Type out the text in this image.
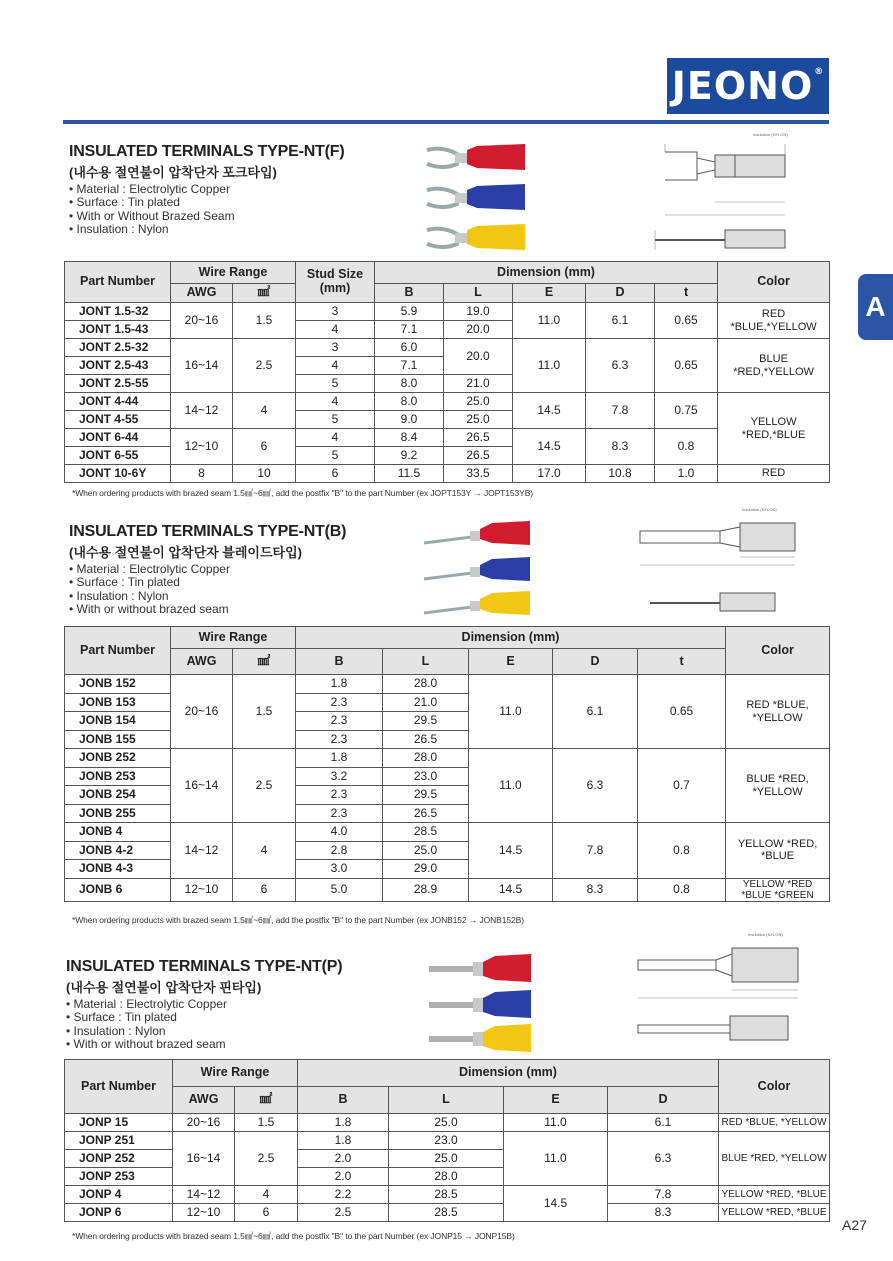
JEONO®
A
A27
INSULATED TERMINALS TYPE-NT(F)
(내수용 절연불이 압착단자 포크타입)
• Material : Electrolytic Copper
• Surface : Tin plated
• With or Without Brazed Seam
• Insulation : Nylon
Insulation (NYLON)
Part Number	Wire Range		Stud Size (mm)	Dimension (mm)					Color
	AWG	㎟		B	L	E	D	t	
JONT 1.5-32	20~16	1.5	3	5.9	19.0	11.0	6.1	0.65	RED *BLUE,*YELLOW
JONT 1.5-43			4	7.1	20.0				
JONT 2.5-32	16~14	2.5	3	6.0	20.0	11.0	6.3	0.65	BLUE *RED,*YELLOW
JONT 2.5-43			4	7.1					
JONT 2.5-55			5	8.0	21.0				
JONT 4-44	14~12	4	4	8.0	25.0	14.5	7.8	0.75	YELLOW *RED,*BLUE
JONT 4-55			5	9.0	25.0				
JONT 6-44	12~10	6	4	8.4	26.5	14.5	8.3	0.8	
JONT 6-55			5	9.2	26.5				
JONT 10-6Y	8	10	6	11.5	33.5	17.0	10.8	1.0	RED
*When ordering products with brazed seam 1.5㎟~6㎟, add the postfix "B" to the part Number (ex JOPT153Y → JOPT153YB)
INSULATED TERMINALS TYPE-NT(B)
(내수용 절연불이 압착단자 블레이드타입)
• Material : Electrolytic Copper
• Surface : Tin plated
• Insulation : Nylon
• With or without brazed seam
Insulation (NYLON)
Part Number	Wire Range		Dimension (mm)					Color
	AWG	㎟	B	L	E	D	t	
JONB 152	20~16	1.5	1.8	28.0	11.0	6.1	0.65	RED *BLUE, *YELLOW
JONB 153			2.3	21.0				
JONB 154			2.3	29.5				
JONB 155			2.3	26.5				
JONB 252	16~14	2.5	1.8	28.0	11.0	6.3	0.7	BLUE *RED, *YELLOW
JONB 253			3.2	23.0				
JONB 254			2.3	29.5				
JONB 255			2.3	26.5				
JONB 4	14~12	4	4.0	28.5	14.5	7.8	0.8	YELLOW *RED, *BLUE
JONB 4-2			2.8	25.0				
JONB 4-3			3.0	29.0				
JONB 6	12~10	6	5.0	28.9	14.5	8.3	0.8	YELLOW *RED *BLUE *GREEN
*When ordering products with brazed seam 1.5㎟~6㎟, add the postfix "B" to the part Number (ex JONB152 → JONB152B)
INSULATED TERMINALS TYPE-NT(P)
(내수용 절연불이 압착단자 핀타입)
• Material : Electrolytic Copper
• Surface : Tin plated
• Insulation : Nylon
• With or without brazed seam
Insulation (NYLON)
Part Number	Wire Range		Dimension (mm)				Color
	AWG	㎟	B	L	E	D	
JONP 15	20~16	1.5	1.8	25.0	11.0	6.1	RED *BLUE, *YELLOW
JONP 251	16~14	2.5	1.8	23.0	11.0	6.3	BLUE *RED, *YELLOW
JONP 252			2.0	25.0			
JONP 253			2.0	28.0			
JONP 4	14~12	4	2.2	28.5	14.5	7.8	YELLOW *RED, *BLUE
JONP 6	12~10	6	2.5	28.5		8.3	YELLOW *RED, *BLUE
*When ordering products with brazed seam 1.5㎟~6㎟, add the postfix "B" to the part Number (ex JONP15 → JONP15B)
